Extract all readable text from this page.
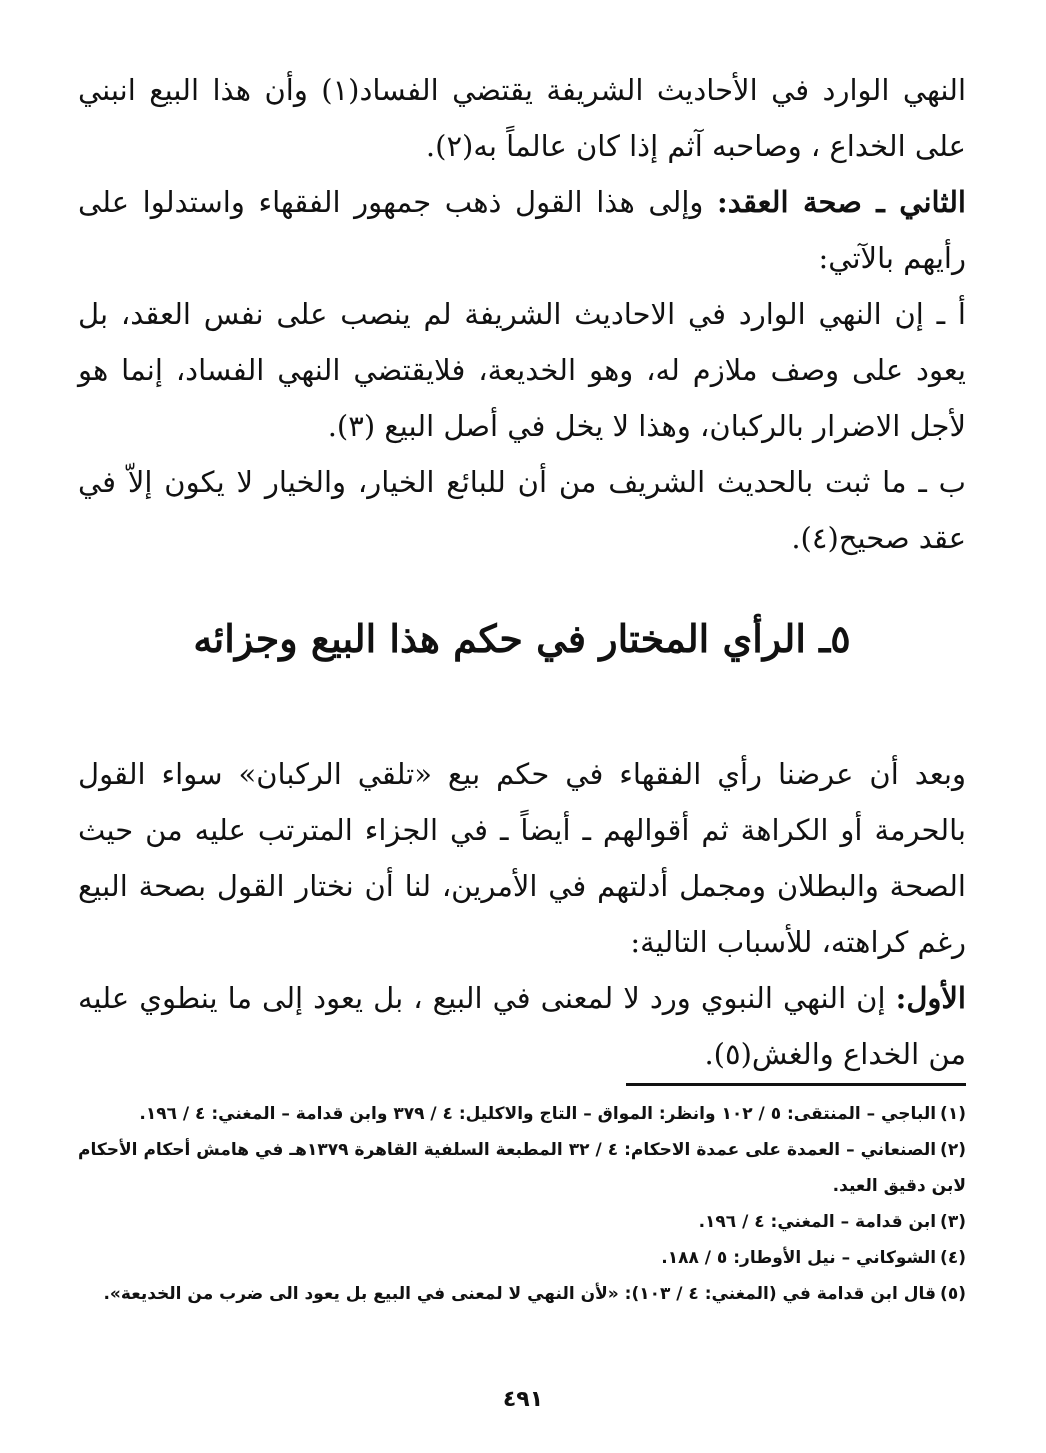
النهي الوارد في الأحاديث الشريفة يقتضي الفساد(١) وأن هذا البيع انبني على الخداع ، وصاحبه آثم إذا كان عالماً به(٢).

الثاني ـ صحة العقد: وإلى هذا القول ذهب جمهور الفقهاء واستدلوا على رأيهم بالآتي:

أ ـ إن النهي الوارد في الاحاديث الشريفة لم ينصب على نفس العقد، بل يعود على وصف ملازم له، وهو الخديعة، فلايقتضي النهي الفساد، إنما هو لأجل الاضرار بالركبان، وهذا لا يخل في أصل البيع (٣).

ب ـ ما ثبت بالحديث الشريف من أن للبائع الخيار، والخيار لا يكون إلاّ في عقد صحيح(٤).

٥ـ الرأي المختار في حكم هذا البيع وجزائه

وبعد أن عرضنا رأي الفقهاء في حكم بيع «تلقي الركبان» سواء القول بالحرمة أو الكراهة ثم أقوالهم ـ أيضاً ـ في الجزاء المترتب عليه من حيث الصحة والبطلان ومجمل أدلتهم في الأمرين، لنا أن نختار القول بصحة البيع رغم كراهته، للأسباب التالية:

الأول: إن النهي النبوي ورد لا لمعنى في البيع ، بل يعود إلى ما ينطوي عليه من الخداع والغش(٥).

(١)الباجي – المنتقى: ٥ / ١٠٢ وانظر: المواق – التاج والاكليل: ٤ / ٣٧٩ وابن قدامة – المغني: ٤ / ١٩٦.

(٢)الصنعاني – العمدة على عمدة الاحكام: ٤ / ٣٢ المطبعة السلفية القاهرة ١٣٧٩هـ في هامش أحكام الأحكام لابن دقيق العيد.

(٣)ابن قدامة – المغني: ٤ / ١٩٦.

(٤)الشوكاني – نيل الأوطار: ٥ / ١٨٨.

(٥)قال ابن قدامة في (المغني: ٤ / ١٠٣): «لأن النهي لا لمعنى في البيع بل يعود الى ضرب من الخديعة».

٤٩١
